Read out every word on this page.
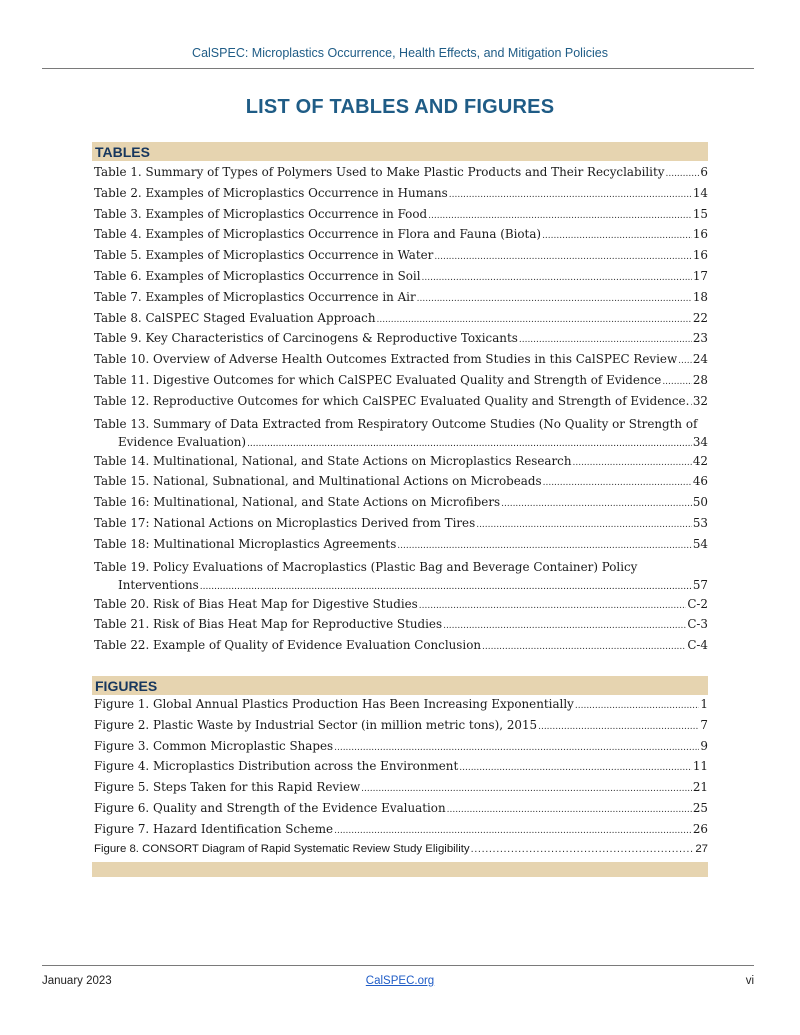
CalSPEC: Microplastics Occurrence, Health Effects, and Mitigation Policies
LIST OF TABLES AND FIGURES
TABLES
Table 1. Summary of Types of Polymers Used to Make Plastic Products and Their Recyclability .....	6
Table 2. Examples of Microplastics Occurrence in Humans .....	14
Table 3. Examples of Microplastics Occurrence in Food .....	15
Table 4. Examples of Microplastics Occurrence in Flora and Fauna (Biota) .....	16
Table 5. Examples of Microplastics Occurrence in Water .....	16
Table 6. Examples of Microplastics Occurrence in Soil .....	17
Table 7. Examples of Microplastics Occurrence in Air .....	18
Table 8. CalSPEC Staged Evaluation Approach .....	22
Table 9. Key Characteristics of Carcinogens & Reproductive Toxicants .....	23
Table 10. Overview of Adverse Health Outcomes Extracted from Studies in this CalSPEC Review ..... 24
Table 11. Digestive Outcomes for which CalSPEC Evaluated Quality and Strength of Evidence .....	28
Table 12. Reproductive Outcomes for which CalSPEC Evaluated Quality and Strength of Evidence. ..... 32
Table 13. Summary of Data Extracted from Respiratory Outcome Studies (No Quality or Strength of
Evidence Evaluation) .....	34
Table 14. Multinational, National, and State Actions on Microplastics Research .....	42
Table 15. National, Subnational, and Multinational Actions on Microbeads .....	46
Table 16: Multinational, National, and State Actions on Microfibers .....	50
Table 17: National Actions on Microplastics Derived from Tires .....	53
Table 18: Multinational Microplastics Agreements .....	54
Table 19. Policy Evaluations of Macroplastics (Plastic Bag and Beverage Container) Policy
Interventions .....	57
Table 20. Risk of Bias Heat Map for Digestive Studies .....	C-2
Table 21. Risk of Bias Heat Map for Reproductive Studies .....	C-3
Table 22. Example of Quality of Evidence Evaluation Conclusion .....	C-4
FIGURES
Figure 1. Global Annual Plastics Production Has Been Increasing Exponentially .....	1
Figure 2. Plastic Waste by Industrial Sector (in million metric tons), 2015 .....	7
Figure 3. Common Microplastic Shapes .....	9
Figure 4. Microplastics Distribution across the Environment .....	11
Figure 5. Steps Taken for this Rapid Review .....	21
Figure 6. Quality and Strength of the Evidence Evaluation .....	25
Figure 7. Hazard Identification Scheme .....	26
Figure 8. CONSORT Diagram of Rapid Systematic Review Study Eligibility .....	27
January 2023	CalSPEC.org	vi
